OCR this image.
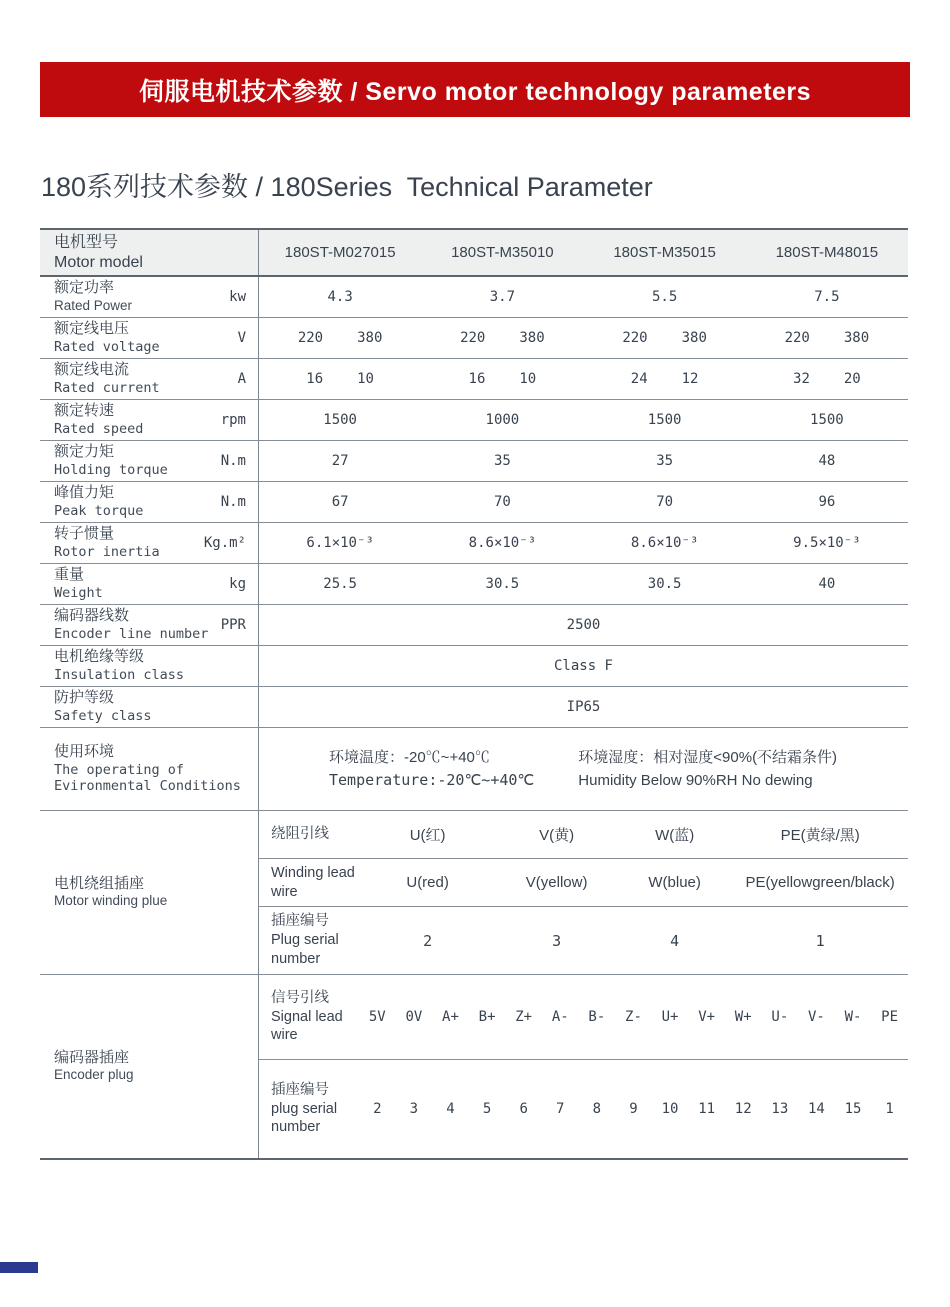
伺服电机技术参数 / Servo motor technology parameters
180系列技术参数 / 180Series  Technical Parameter
电机型号
Motor model
180ST-M027015	180ST-M35010	180ST-M35015	180ST-M48015
额定功率
Rated Power
kw	4.3	3.7	5.5	7.5
额定线电压
Rated voltage
V	220 380	220 380	220 380	220 380
额定线电流
Rated current
A	16 10	16 10	24 12	32 20
额定转速
Rated speed
rpm	1500	1000	1500	1500
额定力矩
Holding torque
N.m	27	35	35	48
峰值力矩
Peak torque
N.m	67	70	70	96
转子惯量
Rotor inertia
Kg.m²	6.1×10⁻³	8.6×10⁻³	8.6×10⁻³	9.5×10⁻³
重量
Weight
kg	25.5	30.5	30.5	40
编码器线数
Encoder line number
PPR	2500
电机绝缘等级
Insulation class
Class F
防护等级
Safety class
IP65
使用环境
The operating of
Evironmental Conditions
环境温度：-20℃~+40℃
Temperature:-20℃~+40℃
环境湿度：相对湿度<90%(不结霜条件)
Humidity Below 90%RH No dewing
电机绕组插座
Motor winding plue
绕阻引线	U(红)	V(黄)	W(蓝)	PE(黄绿/黑)
Winding lead wire
U(red)	V(yellow)	W(blue)	PE(yellowgreen/black)
插座编号
Plug serial number
2	3	4	1
编码器插座
Encoder plug
信号引线
Signal lead wire
5V	0V	A+	B+	Z+	A-	B-	Z-	U+	V+	W+	U-	V-	W-	PE
插座编号
plug serial number
2	3	4	5	6	7	8	9	10	11	12	13	14	15	1
